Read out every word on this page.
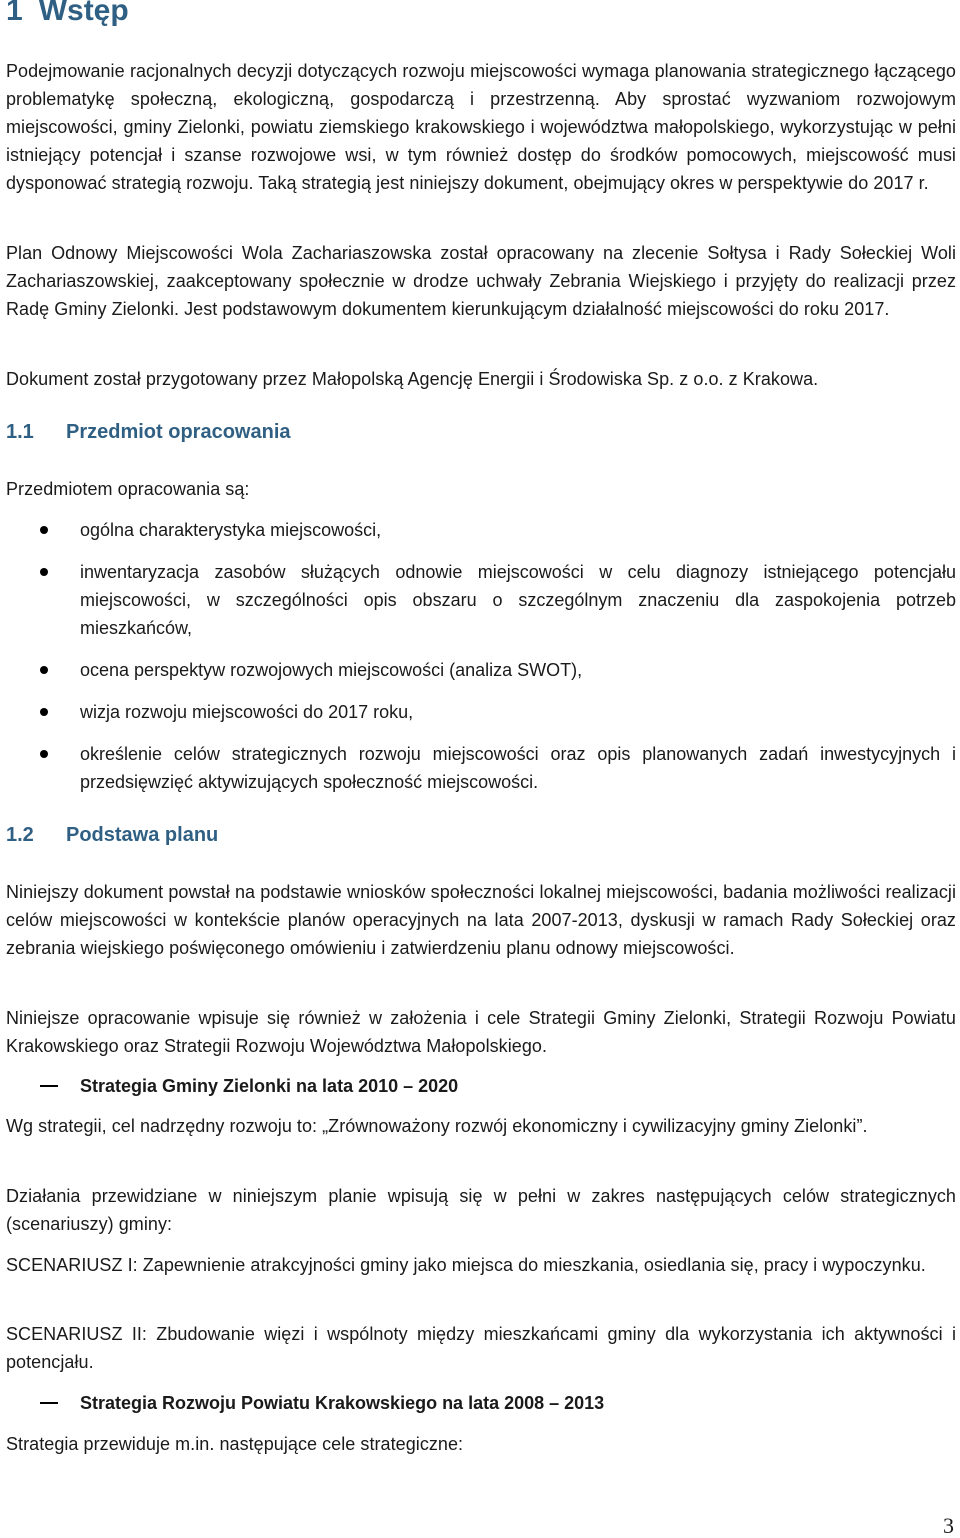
1 Wstęp

Podejmowanie racjonalnych decyzji dotyczących rozwoju miejscowości wymaga planowania strategicznego łączącego problematykę społeczną, ekologiczną, gospodarczą i przestrzenną. Aby sprostać wyzwaniom rozwojowym miejscowości, gminy Zielonki, powiatu ziemskiego krakowskiego i województwa małopolskiego, wykorzystując w pełni istniejący potencjał i szanse rozwojowe wsi, w tym również dostęp do środków pomocowych, miejscowość musi dysponować strategią rozwoju. Taką strategią jest niniejszy dokument, obejmujący okres w perspektywie do 2017 r.

Plan Odnowy Miejscowości Wola Zachariaszowska został opracowany na zlecenie Sołtysa i Rady Sołeckiej Woli Zachariaszowskiej, zaakceptowany społecznie w drodze uchwały Zebrania Wiejskiego i przyjęty do realizacji przez Radę Gminy Zielonki. Jest podstawowym dokumentem kierunkującym działalność miejscowości do roku 2017.

Dokument został przygotowany przez Małopolską Agencję Energii i Środowiska Sp. z o.o. z Krakowa.

1.1 Przedmiot opracowania

Przedmiotem opracowania są:

ogólna charakterystyka miejscowości,

inwentaryzacja zasobów służących odnowie miejscowości w celu diagnozy istniejącego potencjału miejscowości, w szczególności opis obszaru o szczególnym znaczeniu dla zaspokojenia potrzeb mieszkańców,

ocena perspektyw rozwojowych miejscowości (analiza SWOT),

wizja rozwoju miejscowości do 2017 roku,

określenie celów strategicznych rozwoju miejscowości oraz opis planowanych zadań inwestycyjnych i przedsięwzięć aktywizujących społeczność miejscowości.

1.2 Podstawa planu

Niniejszy dokument powstał na podstawie wniosków społeczności lokalnej miejscowości, badania możliwości realizacji celów miejscowości w kontekście planów operacyjnych na lata 2007-2013, dyskusji w ramach Rady Sołeckiej oraz zebrania wiejskiego poświęconego omówieniu i zatwierdzeniu planu odnowy miejscowości.

Niniejsze opracowanie wpisuje się również w założenia i cele Strategii Gminy Zielonki, Strategii Rozwoju Powiatu Krakowskiego oraz Strategii Rozwoju Województwa Małopolskiego.

Strategia Gminy Zielonki na lata 2010 – 2020

Wg strategii, cel nadrzędny rozwoju to: „Zrównoważony rozwój ekonomiczny i cywilizacyjny gminy Zielonki”.

Działania przewidziane w niniejszym planie wpisują się w pełni w zakres następujących celów strategicznych (scenariuszy) gminy:

SCENARIUSZ I: Zapewnienie atrakcyjności gminy jako miejsca do mieszkania, osiedlania się, pracy i wypoczynku.

SCENARIUSZ II: Zbudowanie więzi i wspólnoty między mieszkańcami gminy dla wykorzystania ich aktywności i potencjału.

Strategia Rozwoju Powiatu Krakowskiego na lata 2008 – 2013

Strategia przewiduje m.in. następujące cele strategiczne:

3
